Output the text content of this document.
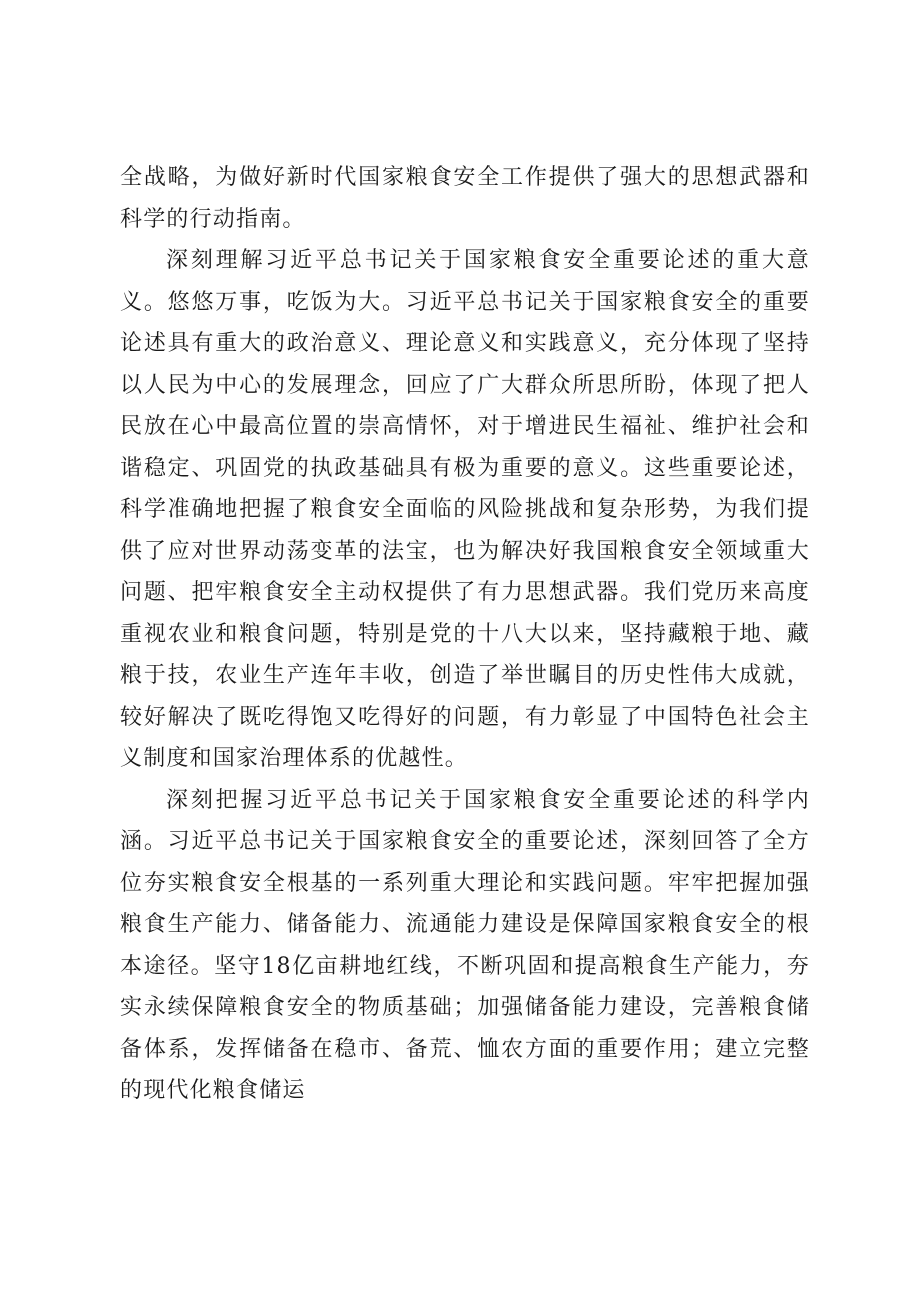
全战略，为做好新时代国家粮食安全工作提供了强大的思想武器和科学的行动指南。

深刻理解习近平总书记关于国家粮食安全重要论述的重大意义。悠悠万事，吃饭为大。习近平总书记关于国家粮食安全的重要论述具有重大的政治意义、理论意义和实践意义，充分体现了坚持以人民为中心的发展理念，回应了广大群众所思所盼，体现了把人民放在心中最高位置的崇高情怀，对于增进民生福祉、维护社会和谐稳定、巩固党的执政基础具有极为重要的意义。这些重要论述，科学准确地把握了粮食安全面临的风险挑战和复杂形势，为我们提供了应对世界动荡变革的法宝，也为解决好我国粮食安全领域重大问题、把牢粮食安全主动权提供了有力思想武器。我们党历来高度重视农业和粮食问题，特别是党的十八大以来，坚持藏粮于地、藏粮于技，农业生产连年丰收，创造了举世瞩目的历史性伟大成就，较好解决了既吃得饱又吃得好的问题，有力彰显了中国特色社会主义制度和国家治理体系的优越性。

深刻把握习近平总书记关于国家粮食安全重要论述的科学内涵。习近平总书记关于国家粮食安全的重要论述，深刻回答了全方位夯实粮食安全根基的一系列重大理论和实践问题。牢牢把握加强粮食生产能力、储备能力、流通能力建设是保障国家粮食安全的根本途径。坚守18亿亩耕地红线，不断巩固和提高粮食生产能力，夯实永续保障粮食安全的物质基础；加强储备能力建设，完善粮食储备体系，发挥储备在稳市、备荒、恤农方面的重要作用；建立完整的现代化粮食储运
